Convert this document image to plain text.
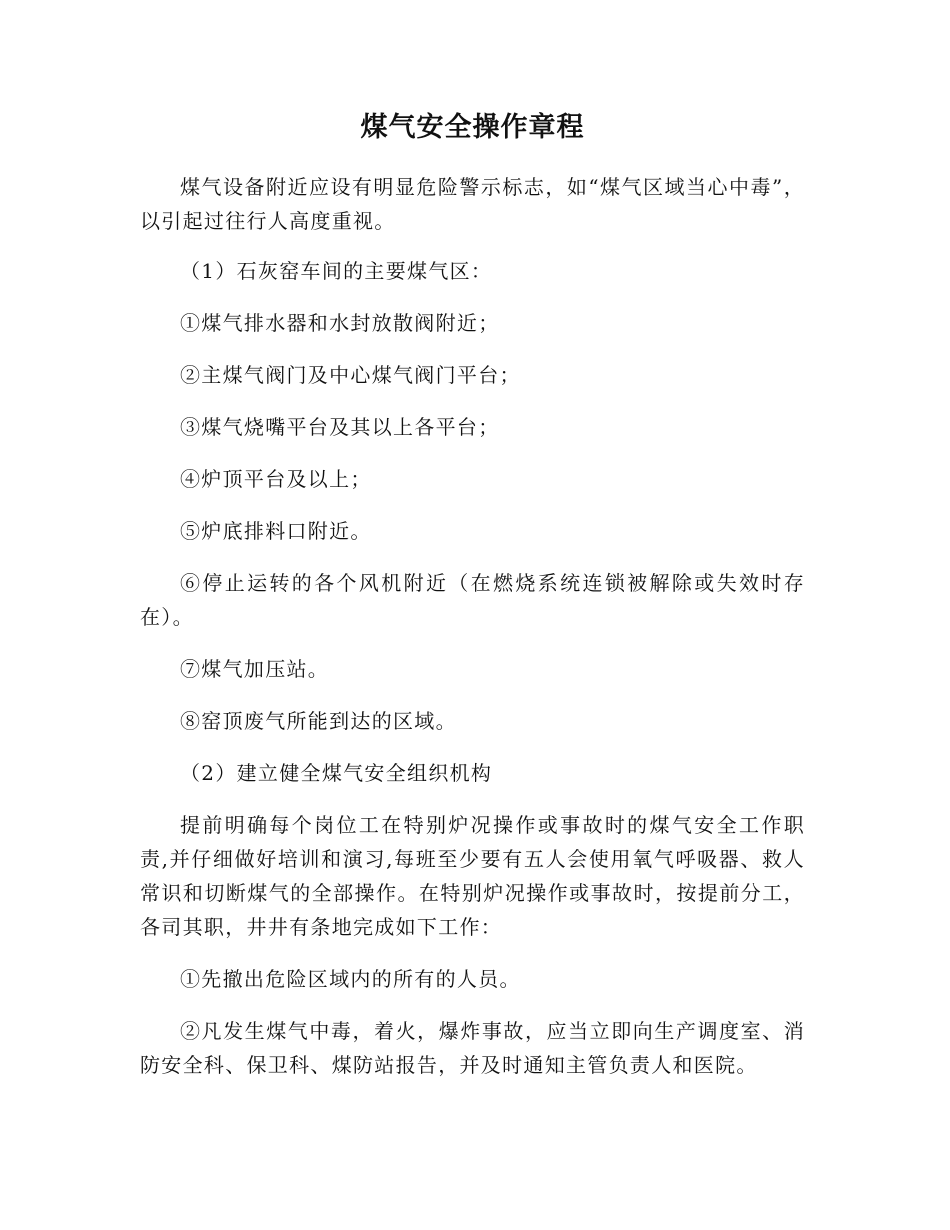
煤气安全操作章程

煤气设备附近应设有明显危险警示标志，如“煤气区域当心中毒”，以引起过往行人高度重视。

（1）石灰窑车间的主要煤气区：

①煤气排水器和水封放散阀附近；

②主煤气阀门及中心煤气阀门平台；

③煤气烧嘴平台及其以上各平台；

④炉顶平台及以上；

⑤炉底排料口附近。

⑥停止运转的各个风机附近（在燃烧系统连锁被解除或失效时存在）。

⑦煤气加压站。

⑧窑顶废气所能到达的区域。

（2）建立健全煤气安全组织机构

提前明确每个岗位工在特别炉况操作或事故时的煤气安全工作职责,并仔细做好培训和演习,每班至少要有五人会使用氧气呼吸器、救人常识和切断煤气的全部操作。在特别炉况操作或事故时，按提前分工，各司其职，井井有条地完成如下工作：

①先撤出危险区域内的所有的人员。

②凡发生煤气中毒，着火，爆炸事故，应当立即向生产调度室、消防安全科、保卫科、煤防站报告，并及时通知主管负责人和医院。
